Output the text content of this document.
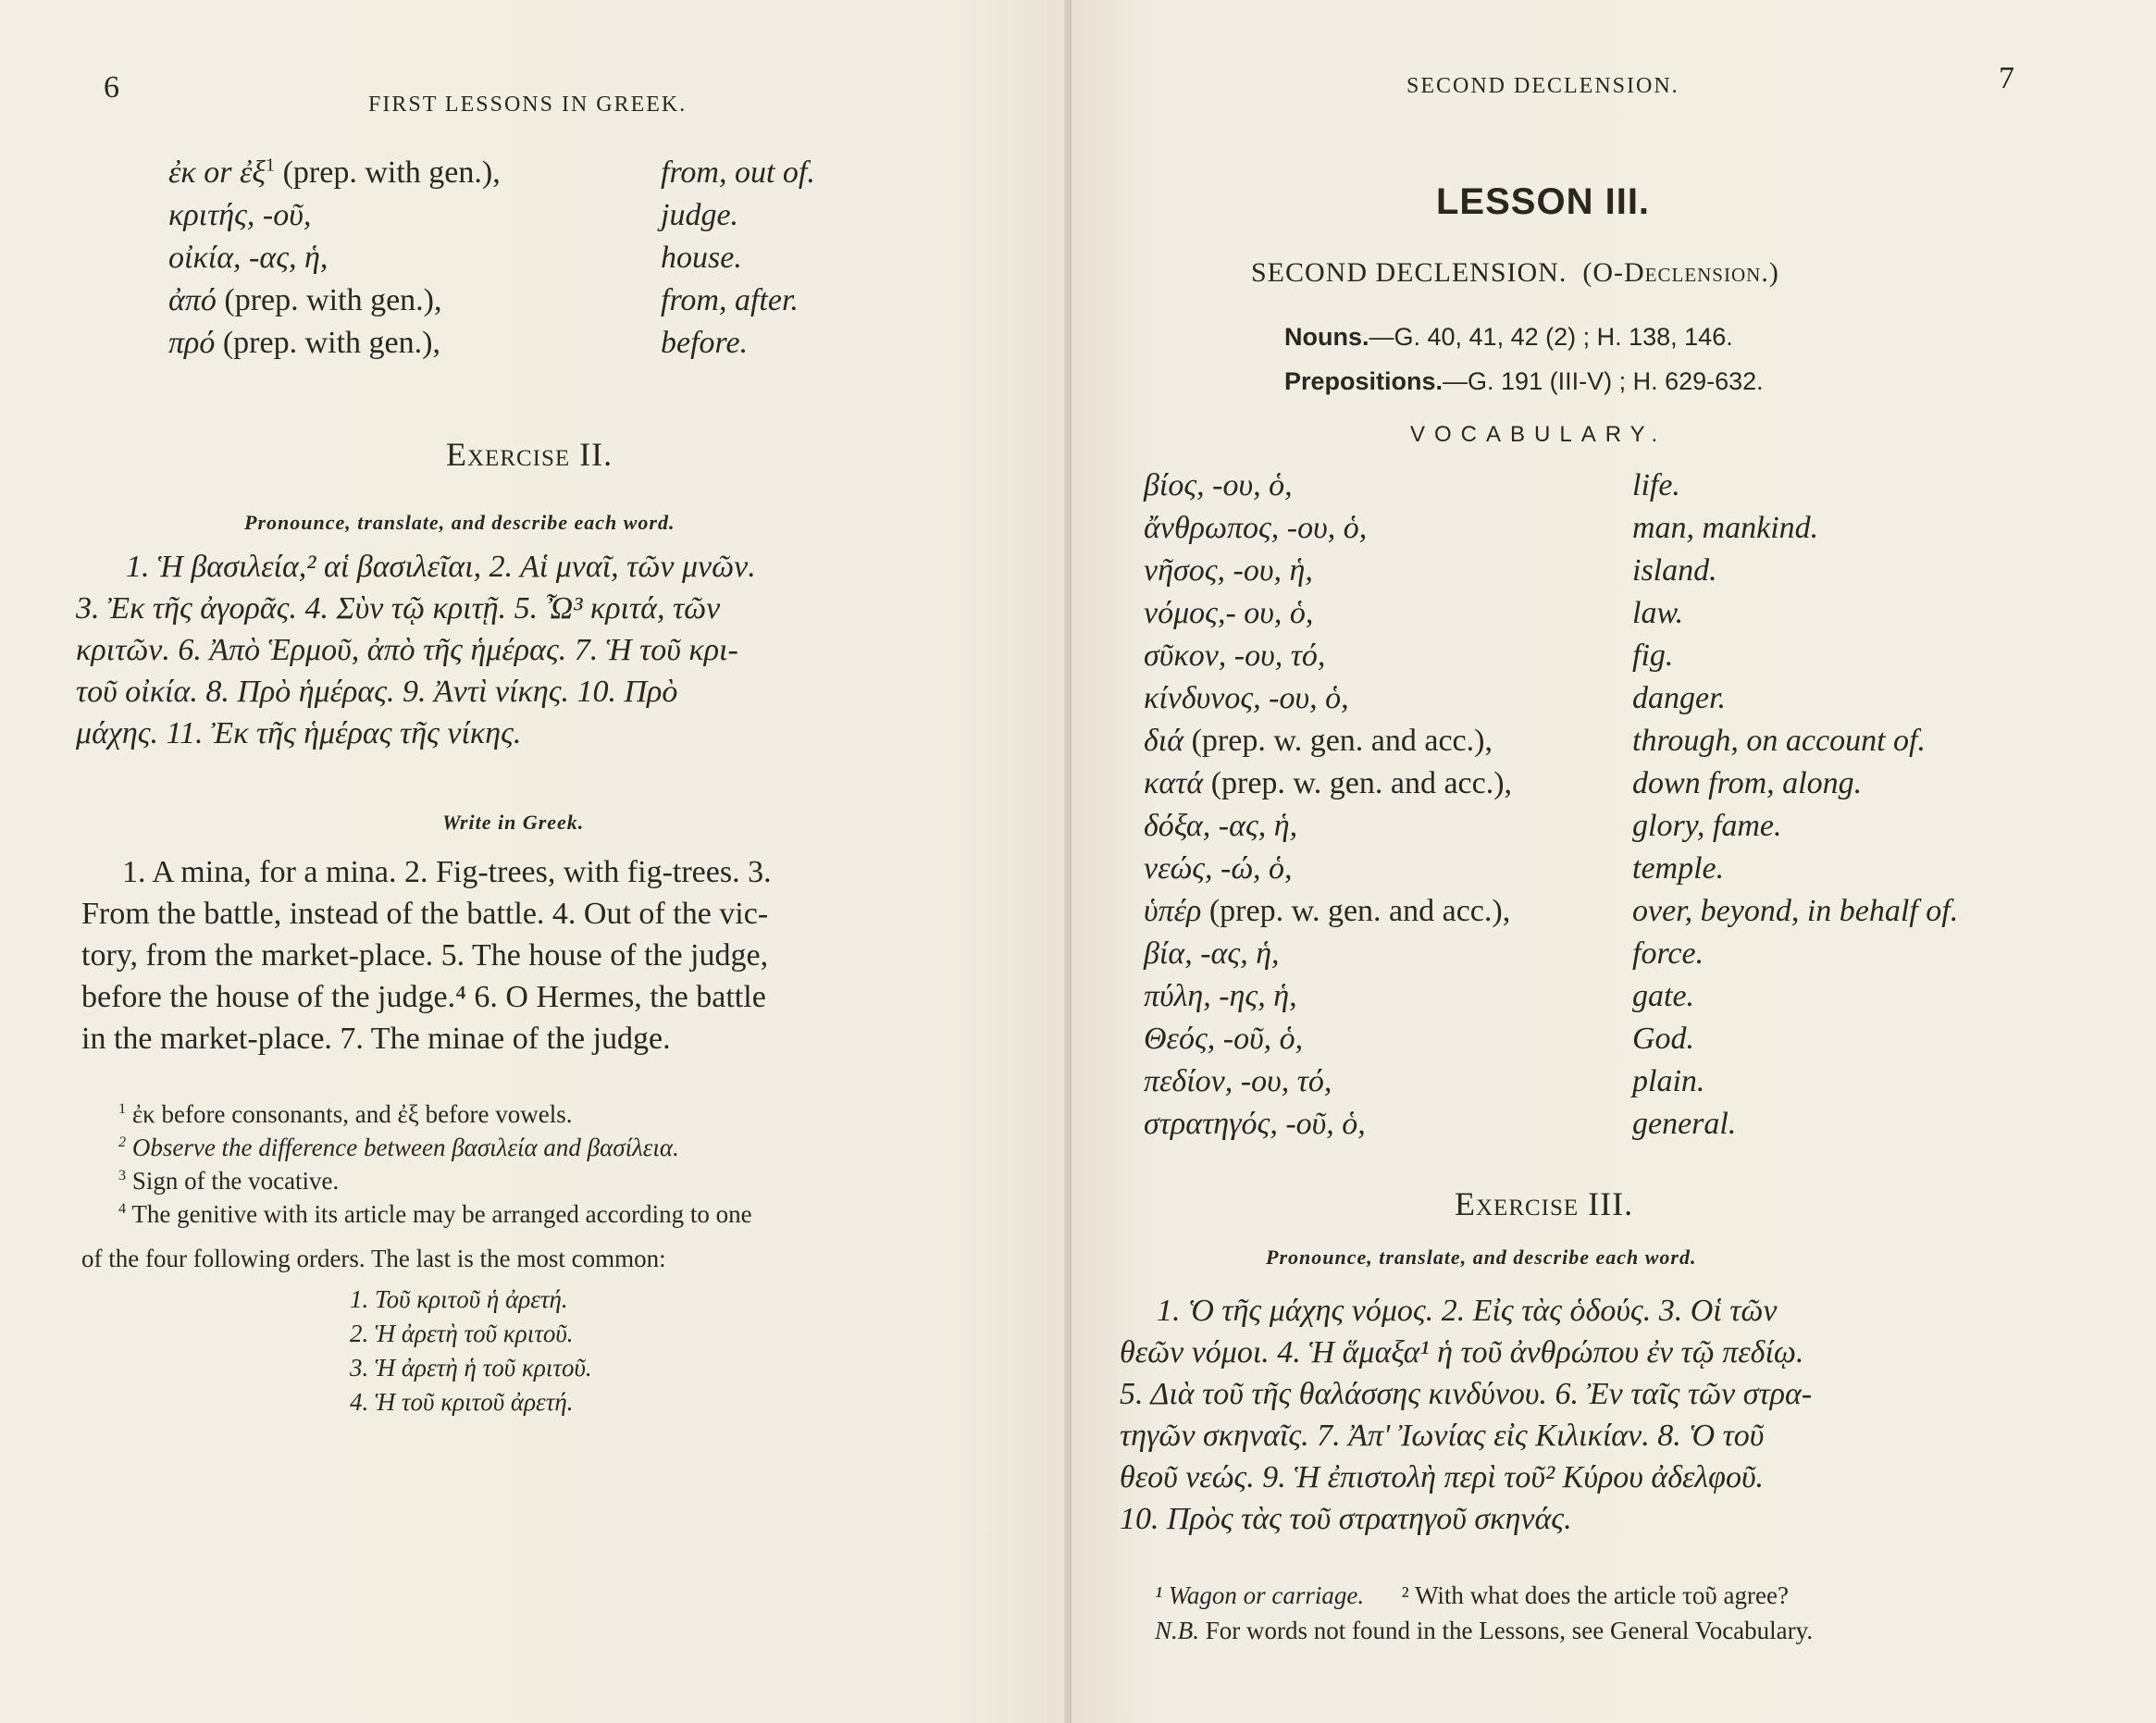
6	FIRST LESSONS IN GREEK.
ἐκ or ἐξ$^1$ (prep. with gen.),	from, out of.
κριτής, -οῦ,	judge.
οἰκία, -ας, ἡ,	house.
ἀπό (prep. with gen.),	from, after.
πρό (prep. with gen.),	before.
Exercise II.
Pronounce, translate, and describe each word.
1. Ἡ βασιλεία,² αἱ βασιλεῖαι, 2. Αἱ μναῖ, τῶν μνῶν.
3. Ἐκ τῆς ἀγορᾶς. 4. Σὺν τῷ κριτῇ. 5. Ὦ³ κριτά, τῶν
κριτῶν. 6. Ἀπὸ Ἑρμοῦ, ἀπὸ τῆς ἡμέρας. 7. Ἡ τοῦ κρι-
τοῦ οἰκία. 8. Πρὸ ἡμέρας. 9. Ἀντὶ νίκης. 10. Πρὸ
μάχης. 11. Ἐκ τῆς ἡμέρας τῆς νίκης.
Write in Greek.
1. A mina, for a mina. 2. Fig-trees, with fig-trees. 3.
From the battle, instead of the battle. 4. Out of the vic-
tory, from the market-place. 5. The house of the judge,
before the house of the judge.⁴ 6. O Hermes, the battle
in the market-place. 7. The minae of the judge.
$^1$ ἐκ before consonants, and ἐξ before vowels.
$^2$ Observe the difference between βασιλεία and βασίλεια.
$^3$ Sign of the vocative.
$^4$ The genitive with its article may be arranged according to one
of the four following orders. The last is the most common:
1. Τοῦ κριτοῦ ἡ ἀρετή.
2. Ἡ ἀρετὴ τοῦ κριτοῦ.
3. Ἡ ἀρετὴ ἡ τοῦ κριτοῦ.
4. Ἡ τοῦ κριτοῦ ἀρετή.
SECOND DECLENSION.	7
LESSON III.
SECOND DECLENSION. (O-Declension.)
Nouns.—G. 40, 41, 42 (2) ; H. 138, 146.
Prepositions.—G. 191 (III-V) ; H. 629-632.
VOCABULARY.
βίος, -ου, ὁ,	life.
ἄνθρωπος, -ου, ὁ,	man, mankind.
νῆσος, -ου, ἡ,	island.
νόμος,- ου, ὁ,	law.
σῦκον, -ου, τό,	fig.
κίνδυνος, -ου, ὁ,	danger.
διά (prep. w. gen. and acc.),	through, on account of.
κατά (prep. w. gen. and acc.),	down from, along.
δόξα, -ας, ἡ,	glory, fame.
νεώς, -ώ, ὁ,	temple.
ὑπέρ (prep. w. gen. and acc.),	over, beyond, in behalf of.
βία, -ας, ἡ,	force.
πύλη, -ης, ἡ,	gate.
Θεός, -οῦ, ὁ,	God.
πεδίον, -ου, τό,	plain.
στρατηγός, -οῦ, ὁ,	general.
Exercise III.
Pronounce, translate, and describe each word.
1. Ὁ τῆς μάχης νόμος. 2. Εἰς τὰς ὁδούς. 3. Οἱ τῶν
θεῶν νόμοι. 4. Ἡ ἅμαξα¹ ἡ τοῦ ἀνθρώπου ἐν τῷ πεδίῳ.
5. Διὰ τοῦ τῆς θαλάσσης κινδύνου. 6. Ἐν ταῖς τῶν στρα-
τηγῶν σκηναῖς. 7. Ἀπ' Ἰωνίας εἰς Κιλικίαν. 8. Ὁ τοῦ
θεοῦ νεώς. 9. Ἡ ἐπιστολὴ περὶ τοῦ² Κύρου ἀδελφοῦ.
10. Πρὸς τὰς τοῦ στρατηγοῦ σκηνάς.
¹ Wagon or carriage. ² With what does the article τοῦ agree?
N.B. For words not found in the Lessons, see General Vocabulary.
